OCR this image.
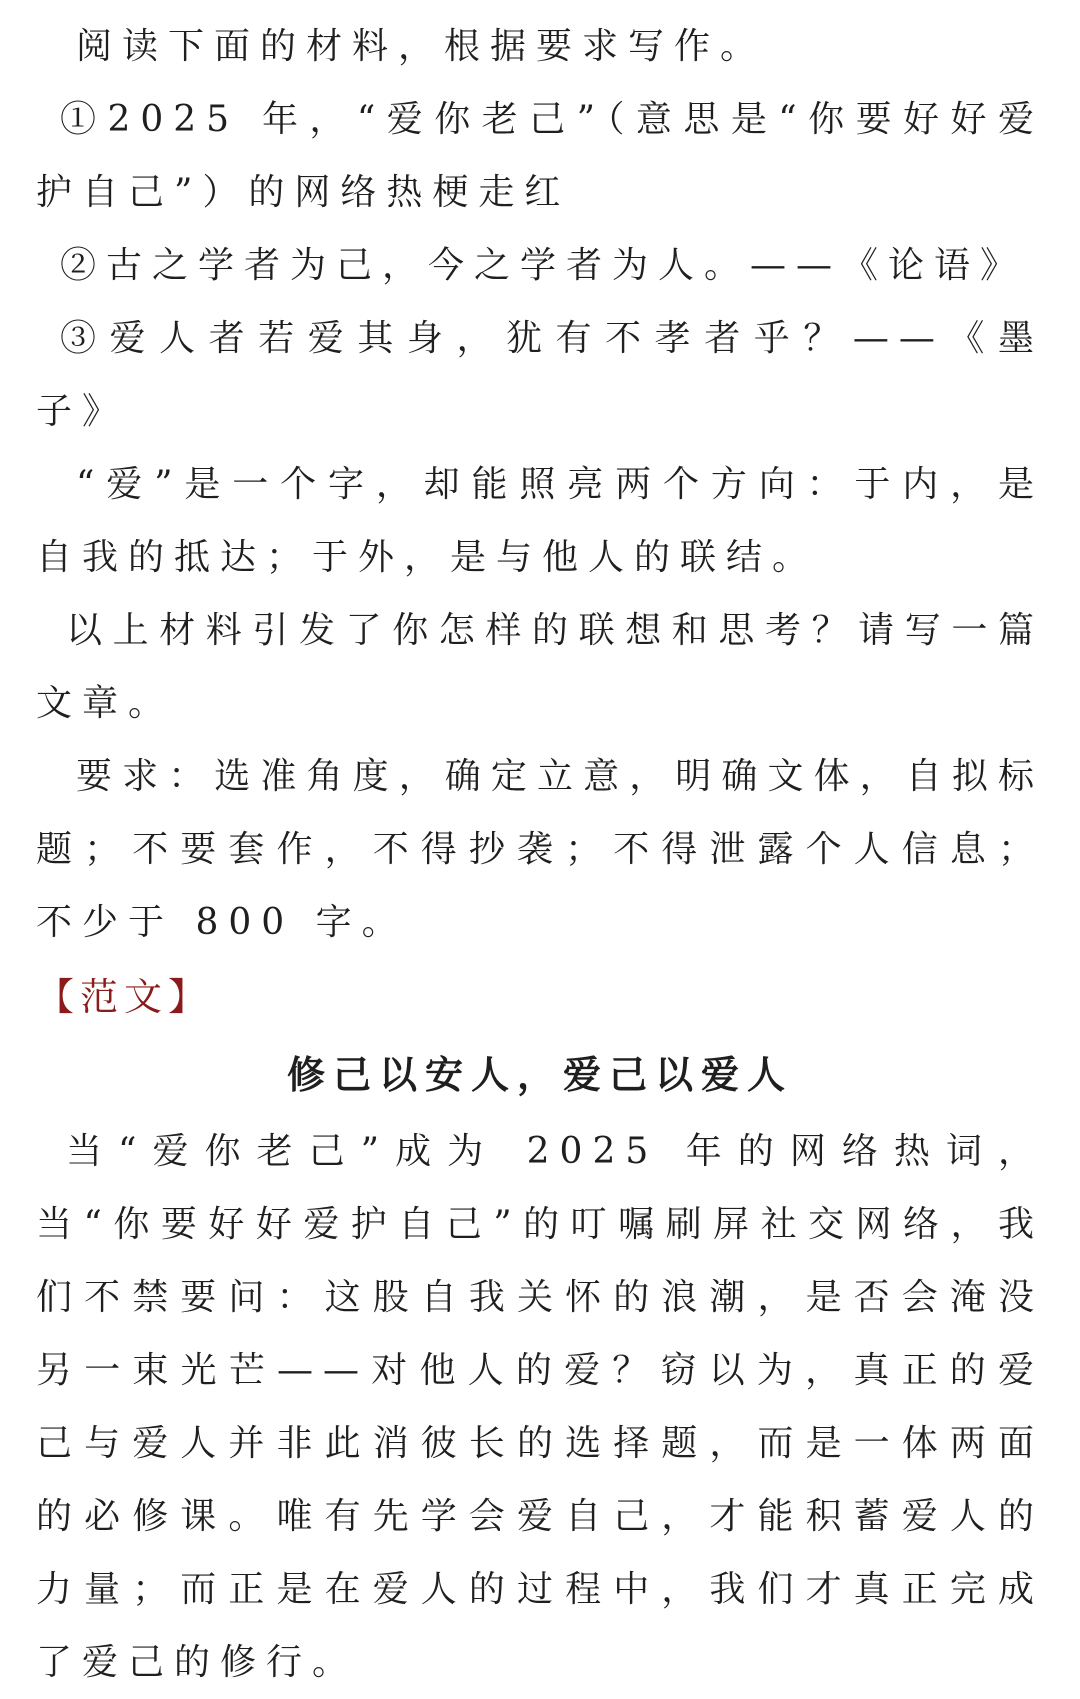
阅读下面的材料，根据要求写作。

①2025 年，“爱你老己”（意思是“你要好好爱护自己”）的网络热梗走红

②古之学者为己，今之学者为人。——《论语》

③爱人者若爱其身，犹有不孝者乎？——《墨子》

“爱”是一个字，却能照亮两个方向：于内，是自我的抵达；于外，是与他人的联结。

以上材料引发了你怎样的联想和思考？请写一篇文章。

要求：选准角度，确定立意，明确文体，自拟标题；不要套作，不得抄袭；不得泄露个人信息；不少于 800 字。

【范文】

修己以安人，爱己以爱人

当“爱你老己”成为 2025 年的网络热词，当“你要好好爱护自己”的叮嘱刷屏社交网络，我们不禁要问：这股自我关怀的浪潮，是否会淹没另一束光芒——对他人的爱？窃以为，真正的爱己与爱人并非此消彼长的选择题，而是一体两面的必修课。唯有先学会爱自己，才能积蓄爱人的力量；而正是在爱人的过程中，我们才真正完成了爱己的修行。
